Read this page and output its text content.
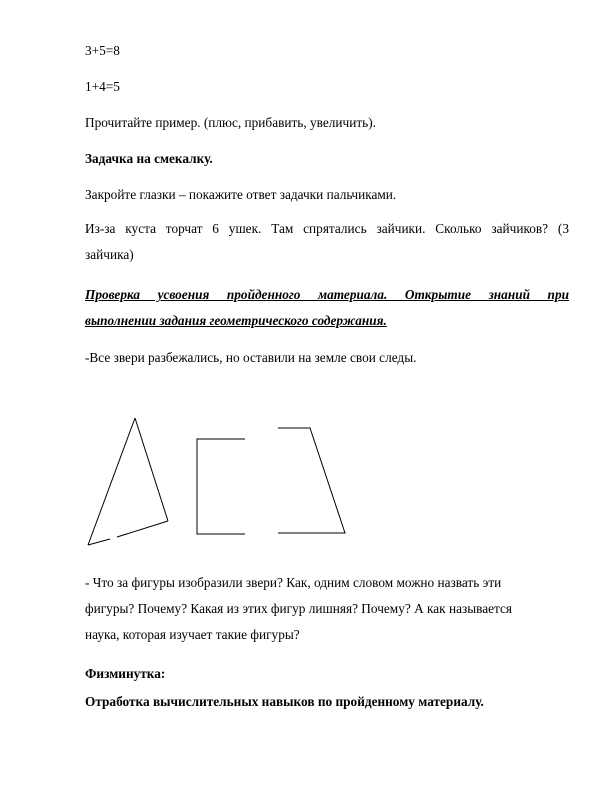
3+5=8
1+4=5
Прочитайте пример. (плюс, прибавить, увеличить).
Задачка на смекалку.
Закройте глазки – покажите ответ задачки пальчиками.
Из-за куста торчат 6 ушек. Там спрятались зайчики. Сколько зайчиков? (3
зайчика)
Проверка усвоения пройденного материала. Открытие знаний при
выполнении задания геометрического содержания.
-Все звери разбежались, но оставили на земле свои следы.
- Что за фигуры изобразили звери? Как, одним словом можно назвать эти
фигуры? Почему? Какая из этих фигур лишняя? Почему? А как называется
наука, которая изучает такие фигуры?
Физминутка:
Отработка вычислительных навыков по пройденному материалу.
